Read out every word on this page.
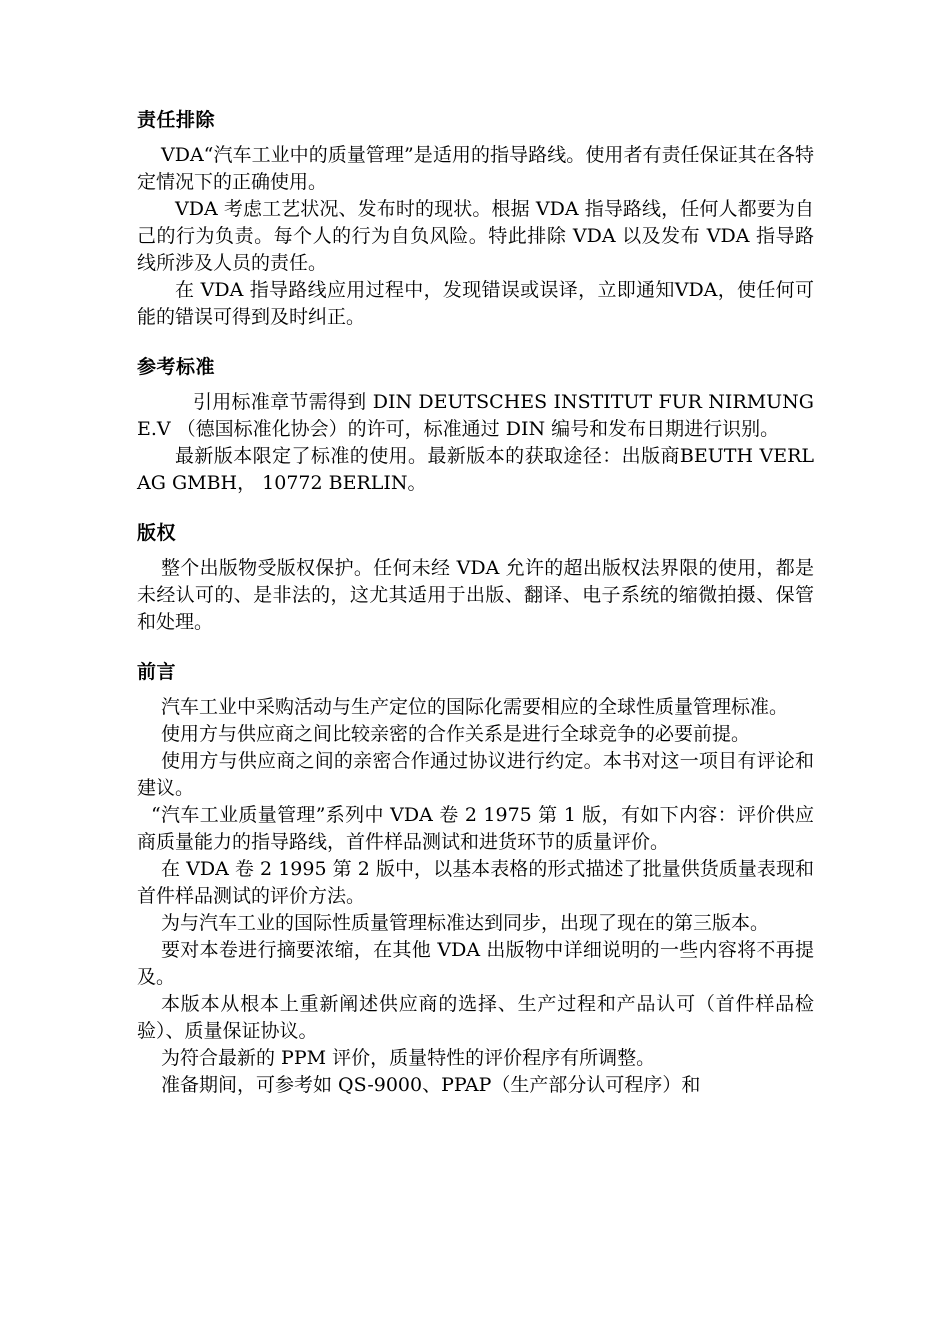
责任排除

VDA“汽车工业中的质量管理”是适用的指导路线。使用者有责任保证其在各特定情况下的正确使用。

VDA 考虑工艺状况、发布时的现状。根据 VDA 指导路线，任何人都要为自己的行为负责。每个人的行为自负风险。特此排除 VDA 以及发布 VDA 指导路线所涉及人员的责任。

在 VDA 指导路线应用过程中，发现错误或误译，立即通知VDA，使任何可能的错误可得到及时纠正。

参考标准

引用标准章节需得到 DIN DEUTSCHES INSTITUT FUR NIRMUNGE.V （德国标准化协会）的许可，标准通过 DIN 编号和发布日期进行识别。

最新版本限定了标准的使用。最新版本的获取途径：出版商BEUTH VERLAG GMBH， 10772 BERLIN。

版权

整个出版物受版权保护。任何未经 VDA 允许的超出版权法界限的使用，都是未经认可的、是非法的，这尤其适用于出版、翻译、电子系统的缩微拍摄、保管和处理。

前言

汽车工业中采购活动与生产定位的国际化需要相应的全球性质量管理标准。

使用方与供应商之间比较亲密的合作关系是进行全球竞争的必要前提。

使用方与供应商之间的亲密合作通过协议进行约定。本书对这一项目有评论和建议。

“汽车工业质量管理”系列中 VDA 卷 2 1975 第 1 版，有如下内容：评价供应商质量能力的指导路线，首件样品测试和进货环节的质量评价。

在 VDA 卷 2 1995 第 2 版中，以基本表格的形式描述了批量供货质量表现和首件样品测试的评价方法。

为与汽车工业的国际性质量管理标准达到同步，出现了现在的第三版本。

要对本卷进行摘要浓缩，在其他 VDA 出版物中详细说明的一些内容将不再提及。

本版本从根本上重新阐述供应商的选择、生产过程和产品认可（首件样品检验）、质量保证协议。

为符合最新的 PPM 评价，质量特性的评价程序有所调整。

准备期间，可参考如 QS-9000、PPAP（生产部分认可程序）和
